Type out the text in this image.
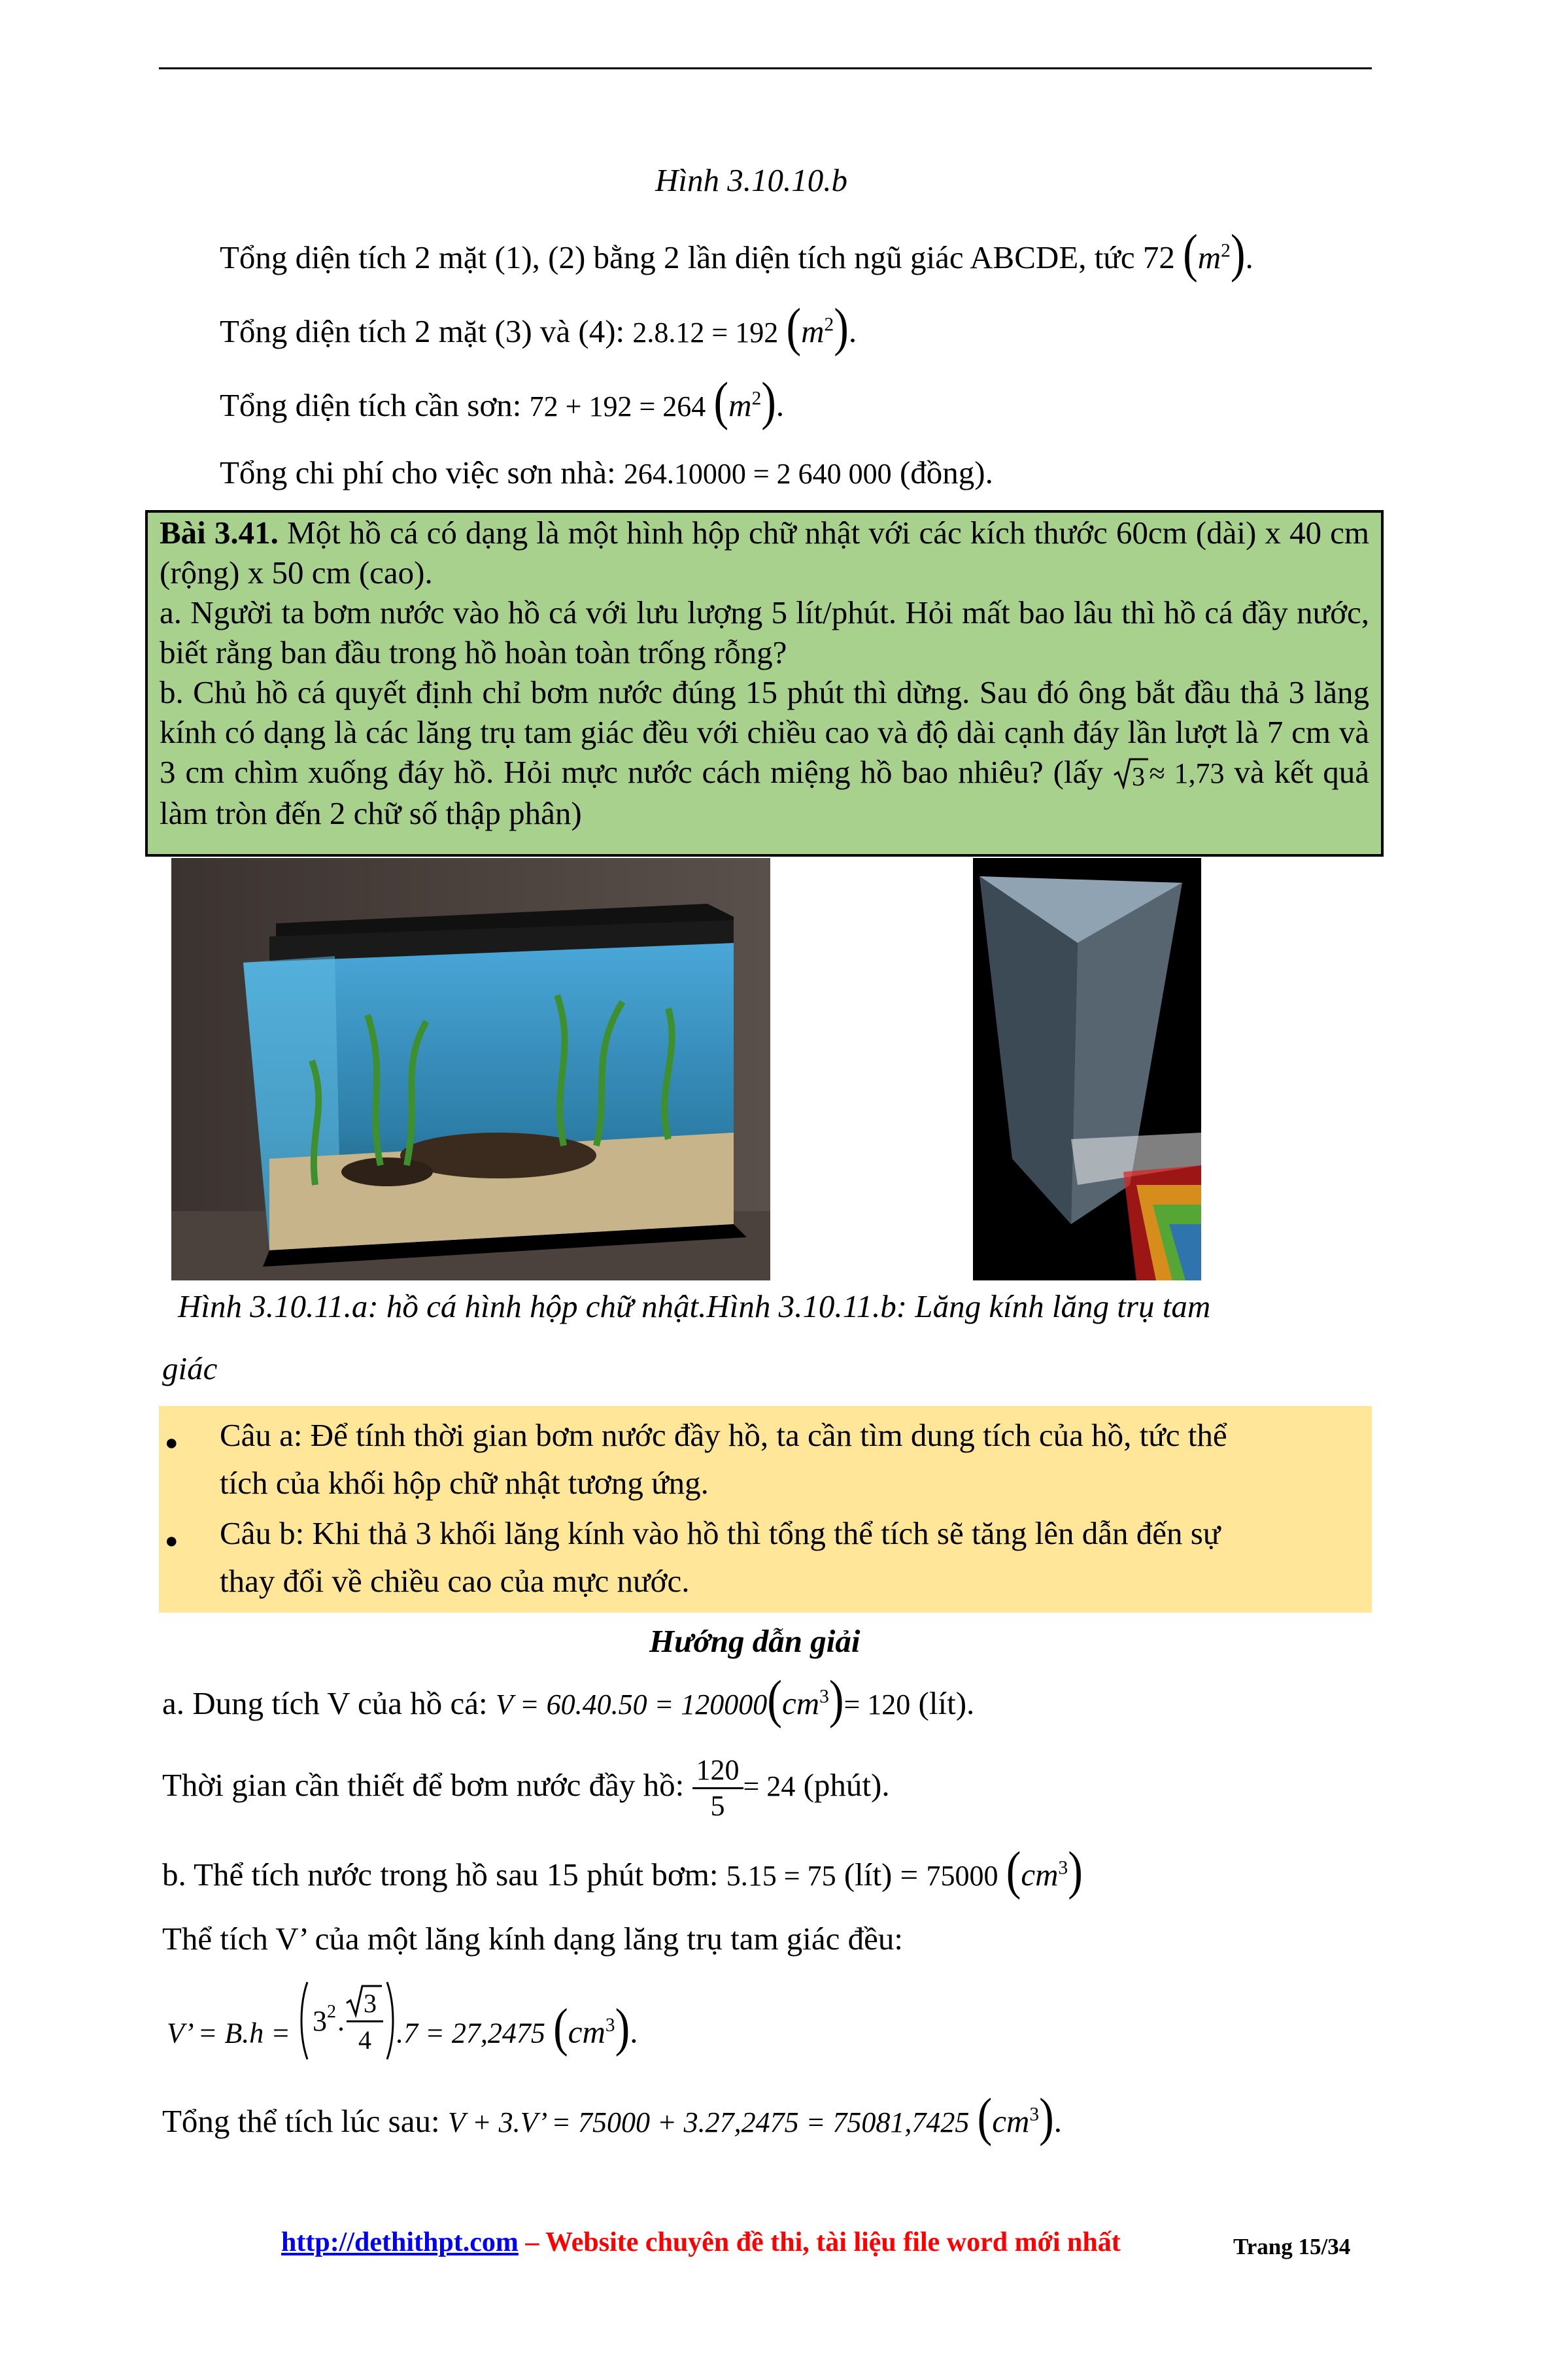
Hình 3.10.10.b
Tổng diện tích 2 mặt (1), (2) bằng 2 lần diện tích ngũ giác ABCDE, tức 72 $(m^2)$.
Tổng diện tích 2 mặt (3) và (4): 2.8.12 = 192 $(m^2)$.
Tổng diện tích cần sơn: 72 + 192 = 264 $(m^2)$.
Tổng chi phí cho việc sơn nhà: 264.10000 = 2 640 000 (đồng).

Bài 3.41. Một hồ cá có dạng là một hình hộp chữ nhật với các kích thước 60cm (dài) x 40 cm (rộng) x 50 cm (cao).

a. Người ta bơm nước vào hồ cá với lưu lượng 5 lít/phút. Hỏi mất bao lâu thì hồ cá đầy nước, biết rằng ban đầu trong hồ hoàn toàn trống rỗng?

b. Chủ hồ cá quyết định chỉ bơm nước đúng 15 phút thì dừng. Sau đó ông bắt đầu thả 3 lăng kính có dạng là các lăng trụ tam giác đều với chiều cao và độ dài cạnh đáy lần lượt là 7 cm và 3 cm chìm xuống đáy hồ. Hỏi mực nước cách miệng hồ bao nhiêu? (lấy 3 ≈ 1,73 và kết quả làm tròn đến 2 chữ số thập phân)

Hình 3.10.11.a: hồ cá hình hộp chữ nhật.Hình 3.10.11.b: Lăng kính lăng trụ tam
giác
● Câu a: Để tính thời gian bơm nước đầy hồ, ta cần tìm dung tích của hồ, tức thể
tích của khối hộp chữ nhật tương ứng.
● Câu b: Khi thả 3 khối lăng kính vào hồ thì tổng thể tích sẽ tăng lên dẫn đến sự
thay đổi về chiều cao của mực nước.
Hướng dẫn giải
a. Dung tích V của hồ cá: $V = 60.40.50 = 120000(cm^3)= 120$ (lít).
Thời gian cần thiết để bơm nước đầy hồ: $\frac{120}{5} = 24$ (phút).
b. Thể tích nước trong hồ sau 15 phút bơm: 5.15 = 75 (lít) = 75000 $(cm^3)$
Thể tích V’ của một lăng kính dạng lăng trụ tam giác đều:
V’ = B.h = 3 2 .
3
4 .7 = 27,2475 $(cm^3)$.
Tổng thể tích lúc sau: V + 3.V’ = 75000 + 3.27,2475 = 75081,7425 $(cm^3)$.
http://dethithpt.com – Website chuyên đề thi, tài liệu file word mới nhất	Trang 15/34
